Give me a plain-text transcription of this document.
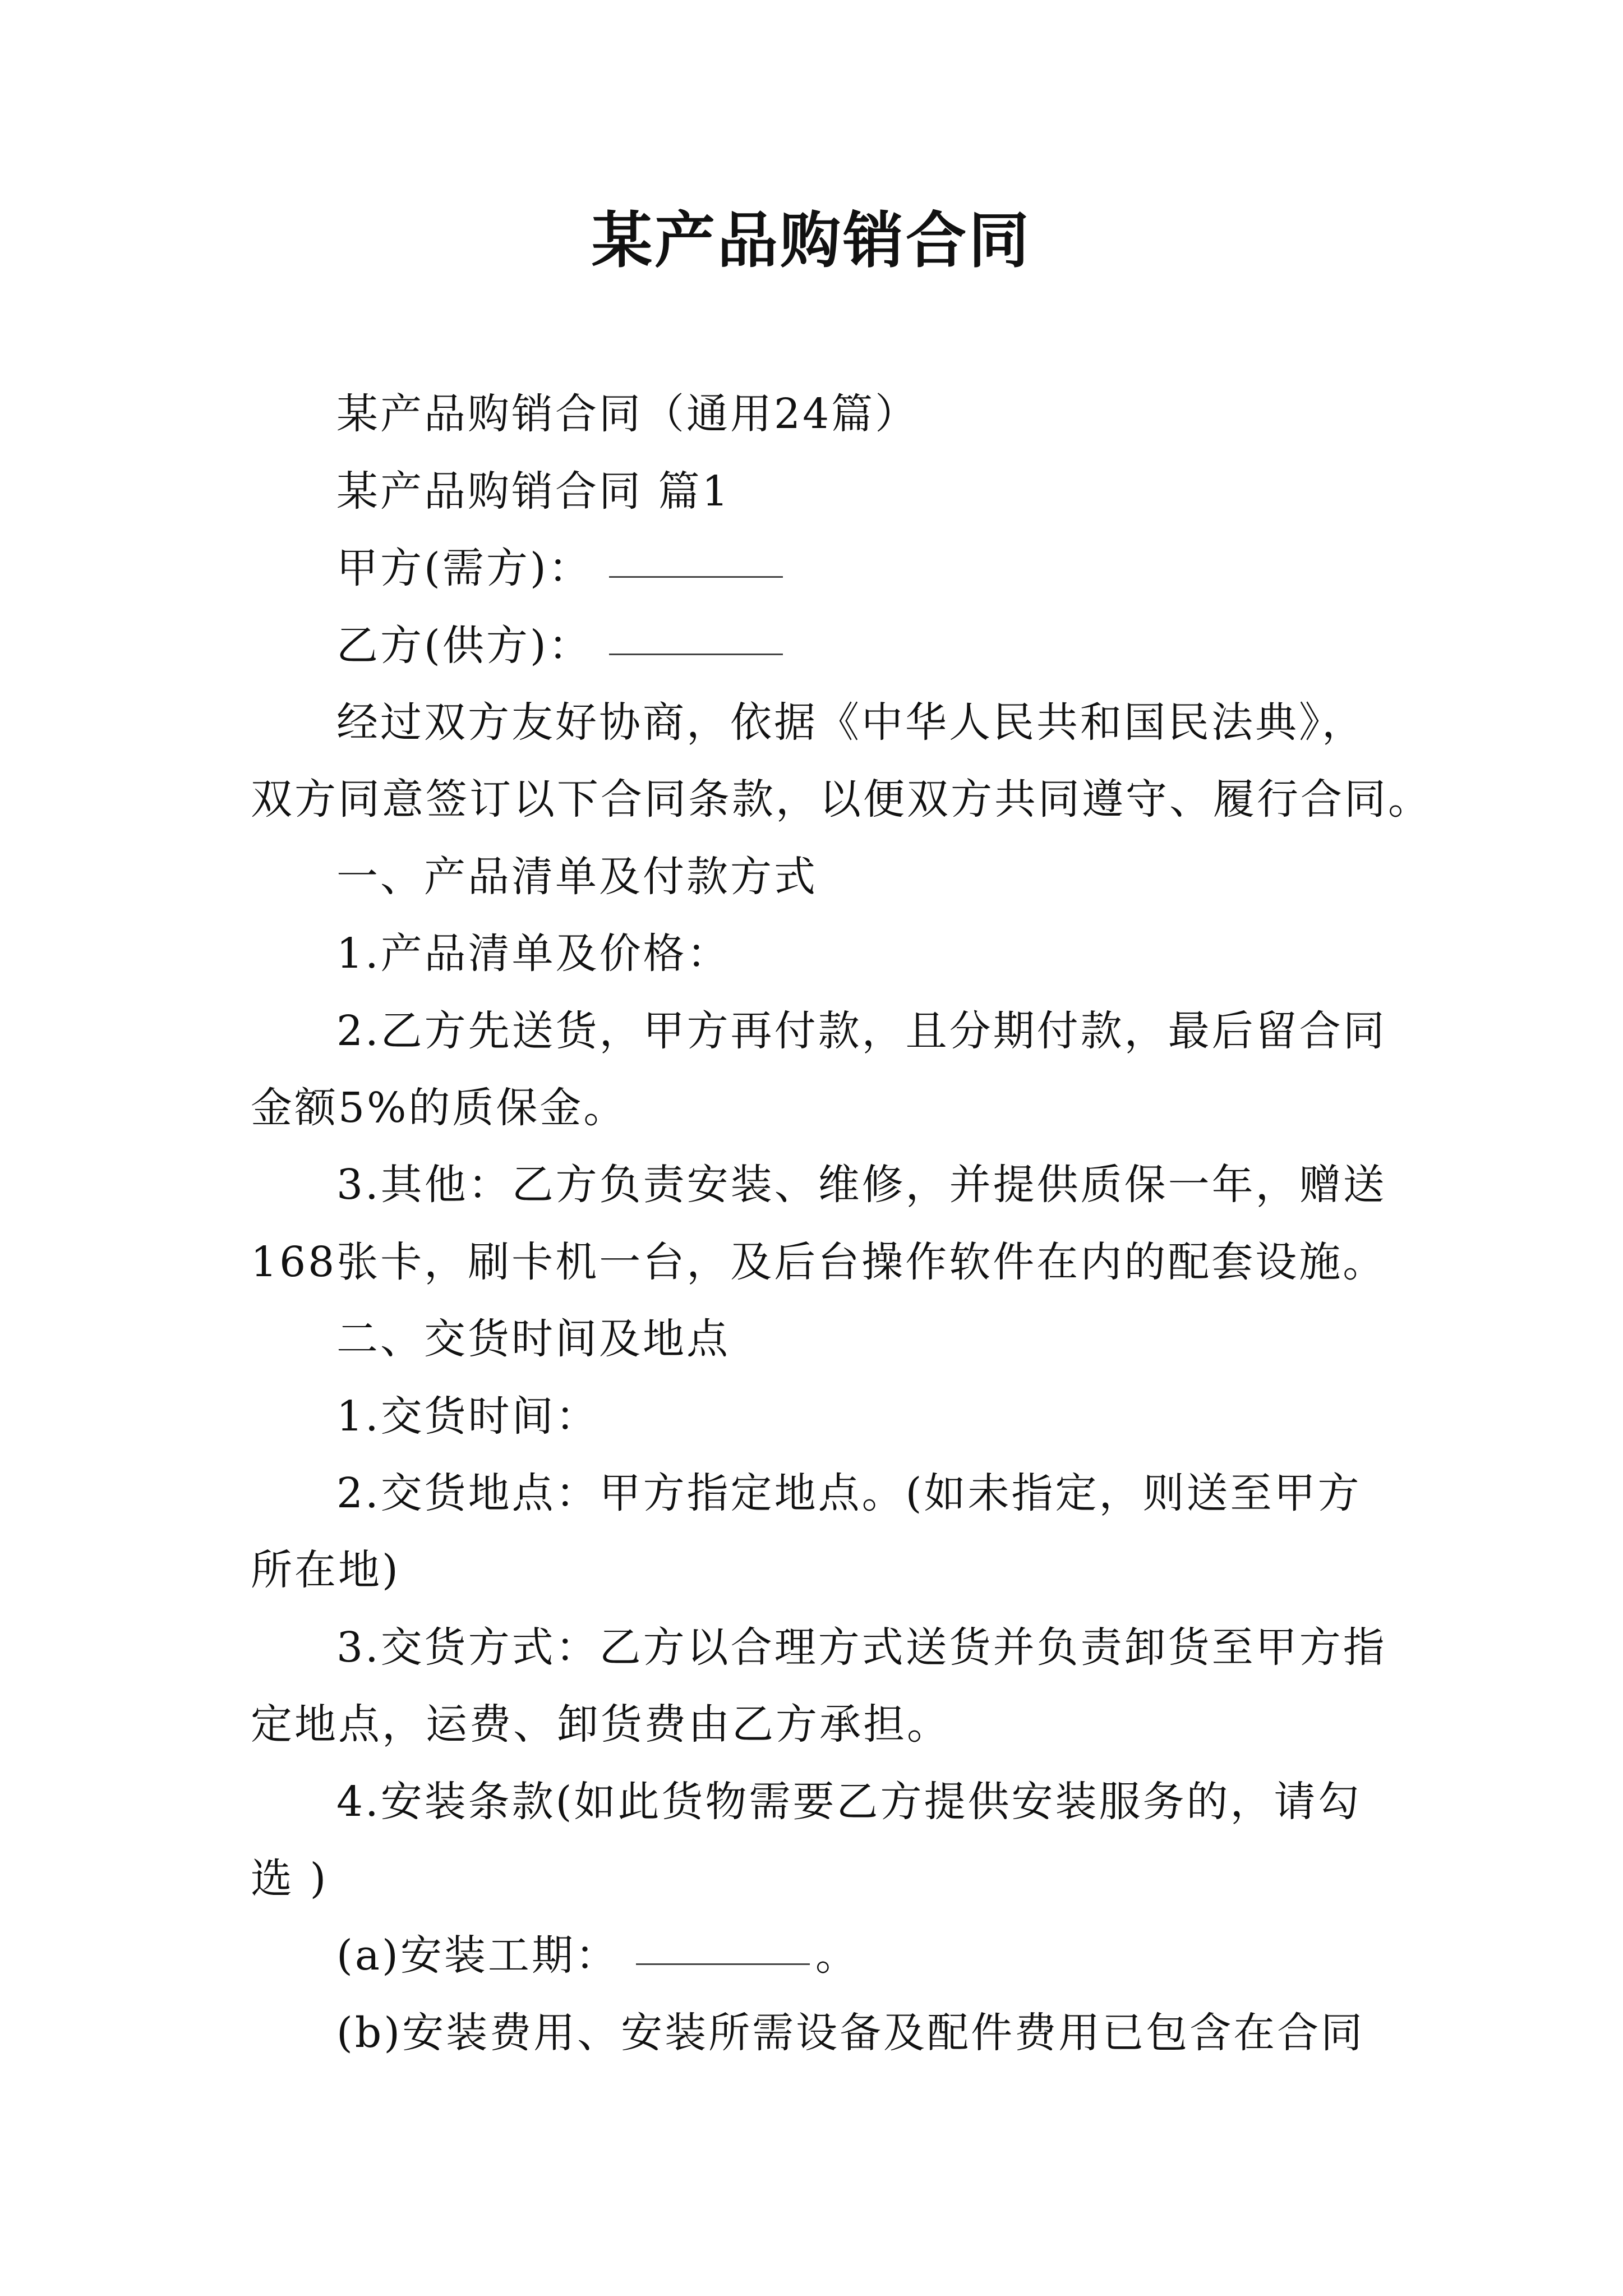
某产品购销合同
某产品购销合同（通用24篇）
某产品购销合同 篇1
甲方(需方)：
乙方(供方)：
经过双方友好协商，依据《中华人民共和国民法典》，
双方同意签订以下合同条款，以便双方共同遵守、履行合同。
一、产品清单及付款方式
1.产品清单及价格：
2.乙方先送货，甲方再付款，且分期付款，最后留合同
金额5%的质保金。
3.其他：乙方负责安装、维修，并提供质保一年，赠送
168张卡，刷卡机一台，及后台操作软件在内的配套设施。
二、交货时间及地点
1.交货时间：
2.交货地点：甲方指定地点。(如未指定，则送至甲方
所在地)
3.交货方式：乙方以合理方式送货并负责卸货至甲方指
定地点，运费、卸货费由乙方承担。
4.安装条款(如此货物需要乙方提供安装服务的，请勾
选 )
(a)安装工期：	。
(b)安装费用、安装所需设备及配件费用已包含在合同
